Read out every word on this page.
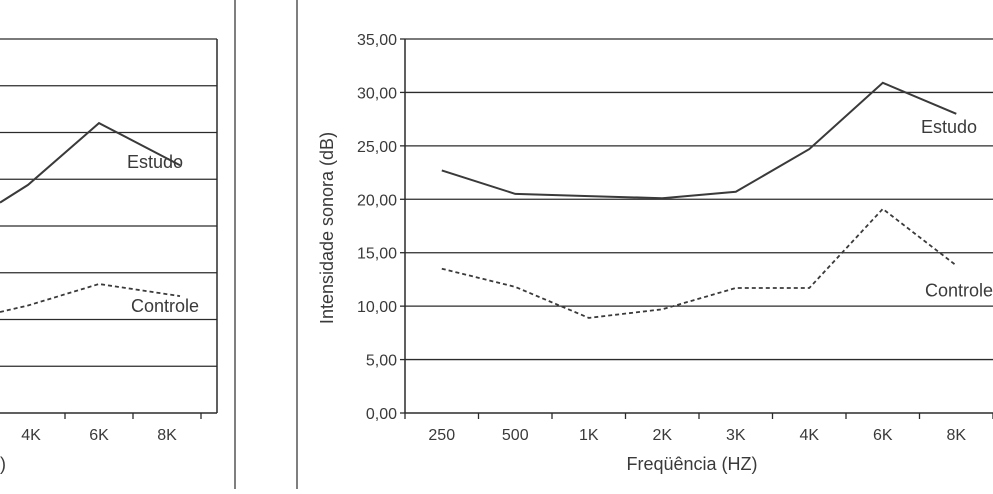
4K	6K	8K
)
Estudo
Controle	Intensidade sonora (dB)
Freqüência (HZ)
0,00
5,00
10,00
15,00
20,00
25,00
30,00
35,00
250	500	1K	2K	3K	4K	6K	8K
Estudo
Controle
